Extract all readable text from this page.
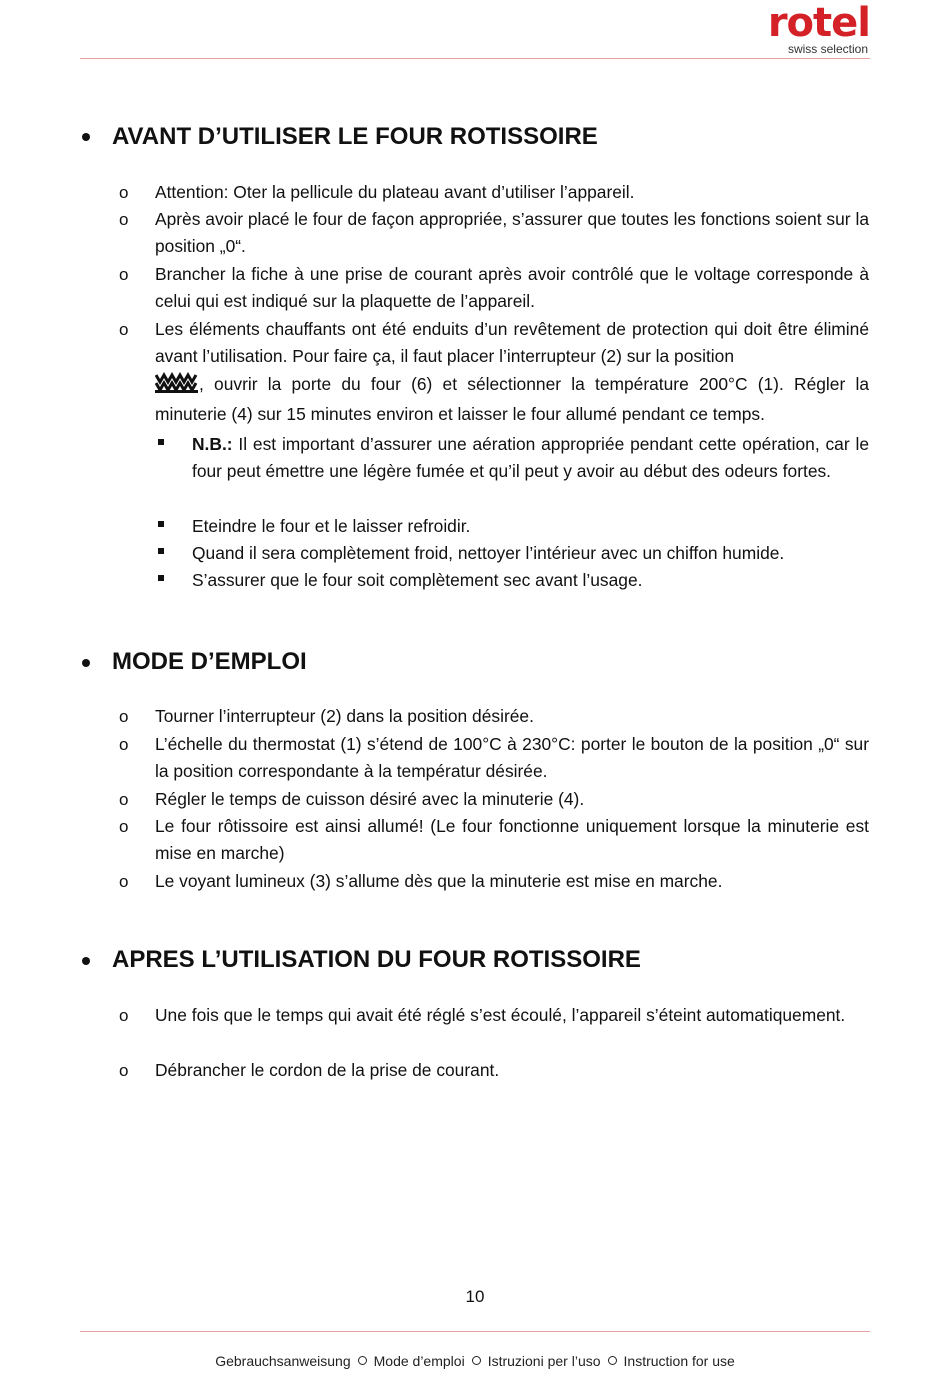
rotel
swiss selection
AVANT D’UTILISER LE FOUR ROTISSOIRE
o Attention: Oter la pellicule du plateau avant d’utiliser l’appareil.
o Après avoir placé le four de façon appropriée, s’assurer que toutes les fonctions soient sur la position „0“.
o Brancher la fiche à une prise de courant après avoir contrôlé que le voltage corresponde à celui qui est indiqué sur la plaquette de l’appareil.
o Les éléments chauffants ont été enduits d’un revêtement de protection qui doit être éliminé avant l’utilisation. Pour faire ça, il faut placer l’interrupteur (2) sur la position
, ouvrir la porte du four (6) et sélectionner la température 200°C (1). Régler la minuterie (4) sur 15 minutes environ et laisser le four allumé pendant ce temps.
N.B.: Il est important d’assurer une aération appropriée pendant cette opération, car le four peut émettre une légère fumée et qu’il peut y avoir au début des odeurs fortes.
Eteindre le four et le laisser refroidir.
Quand il sera complètement froid, nettoyer l’intérieur avec un chiffon humide.
S’assurer que le four soit complètement sec avant l’usage.
MODE D’EMPLOI
o Tourner l’interrupteur (2) dans la position désirée.
o L’échelle du thermostat (1) s’étend de 100°C à 230°C: porter le bouton de la position „0“ sur la position correspondante à la températur désirée.
o Régler le temps de cuisson désiré avec la minuterie (4).
o Le four rôtissoire est ainsi allumé! (Le four fonctionne uniquement lorsque la minuterie est mise en marche)
o Le voyant lumineux (3) s’allume dès que la minuterie est mise en marche.
APRES L’UTILISATION DU FOUR ROTISSOIRE
o Une fois que le temps qui avait été réglé s’est écoulé, l’appareil s’éteint automatiquement.
o Débrancher le cordon de la prise de courant.
10
Gebrauchsanweisung Mode d’emploi Istruzioni per l’uso Instruction for use
